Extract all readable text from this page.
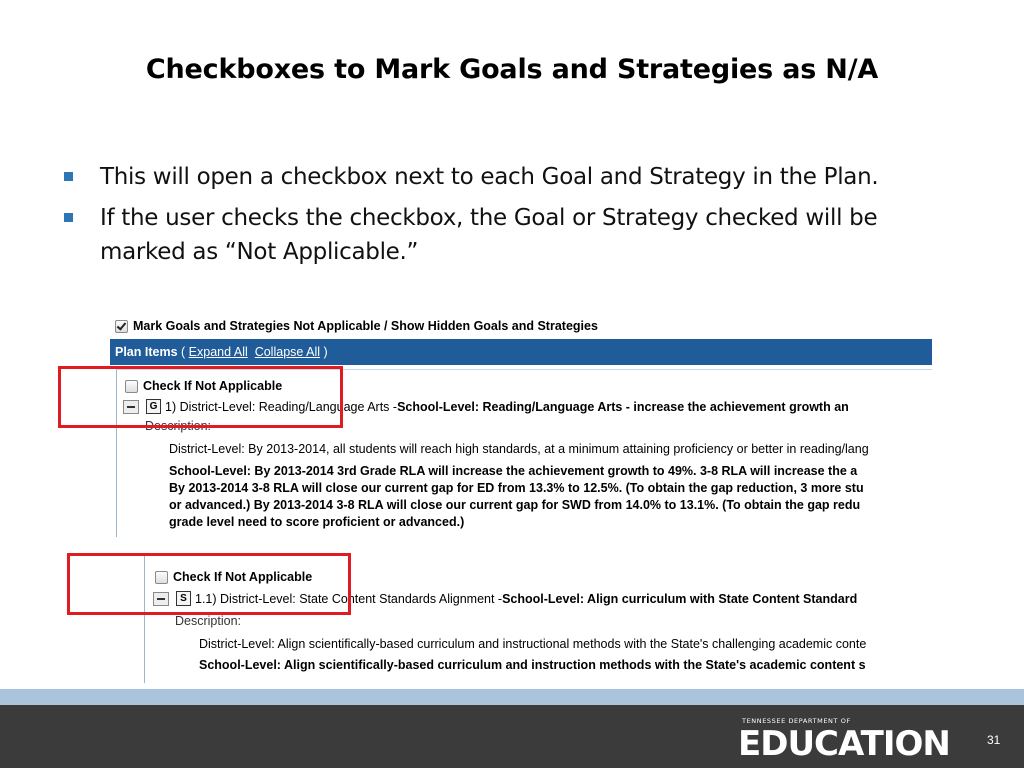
Checkboxes to Mark Goals and Strategies as N/A
This will open a checkbox next to each Goal and Strategy in the Plan.
If the user checks the checkbox, the Goal or Strategy checked will be marked as “Not Applicable.”
Mark Goals and Strategies Not Applicable / Show Hidden Goals and Strategies
Plan Items ( Expand All Collapse All )
Check If Not Applicable
G 1) District-Level: Reading/Language Arts - School-Level: Reading/Language Arts - increase the achievement growth an
Description:
District-Level: By 2013-2014, all students will reach high standards, at a minimum attaining proficiency or better in reading/lang
School-Level: By 2013-2014 3rd Grade RLA will increase the achievement growth to 49%. 3-8 RLA will increase the a
By 2013-2014 3-8 RLA will close our current gap for ED from 13.3% to 12.5%. (To obtain the gap reduction, 3 more stu
or advanced.) By 2013-2014 3-8 RLA will close our current gap for SWD from 14.0% to 13.1%. (To obtain the gap redu
grade level need to score proficient or advanced.)
Check If Not Applicable
S 1.1) District-Level: State Content Standards Alignment - School-Level: Align curriculum with State Content Standard
Description:
District-Level: Align scientifically-based curriculum and instructional methods with the State's challenging academic conte
School-Level: Align scientifically-based curriculum and instruction methods with the State's academic content s
TENNESSEE DEPARTMENT OF
EDUCATION	31
